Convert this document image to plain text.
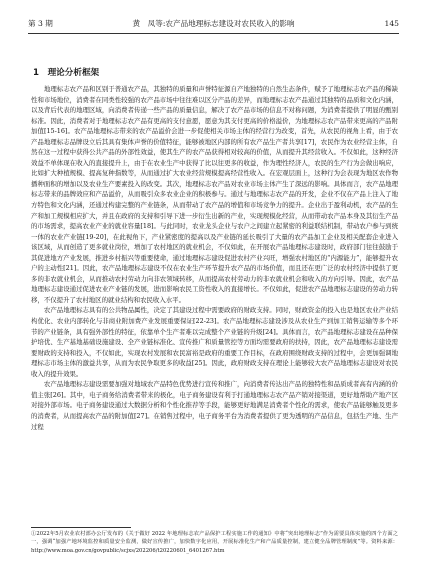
第 3 期	黄　凤等:农产品地理标志建设对农民收入的影响	145
1　理论分析框架

地理标志农产品和区别于普通农产品，其独特的质量和声誉特征源自产地独特的自然生态条件，赋予了地理标志农产品的稀缺性和市场地位，消费者在同类性较强的农产品市场中往往难以区分产品的差异，而地理标志农产品通过其独特的品质和文化内涵，以及背后代表的地理区域，向消费者传递一些产品的质量信息，解决了农产品市场的信息不对称问题，为消费者提供了明显的甄别标准。因此，消费者对于地理标志农产品有更高的支付意愿，愿意为其支付更高的价格溢价，为地理标志农产品带来更高的产品附加值[15-16]。农产品地理标志带来的农产品溢价会进一步促使相关市场主体的经营行为改变，首先，从农民的视角上看，由于农产品地理标志品牌设立后其具有集体声誉的价值特征，能够被地区内部的所有农产品生产者共享[17]，农民作为农业经营主体，自然在这一过程中获得公共产品的外部性效益，使其生产的农产品获得相对较高的价值，从而提升其经营收入。不仅如此，这种经济效益不单体现在收入的直接提升上，由于在农业生产中获得了比以往更多的收益，作为理性经济人，农民的生产行为会做出响应，比如扩大种植规模、提高复种指数等，从而通过扩大农业经营规模提高经营性收入。在宏观层面上，这种行为会表现为地区农作物播种面积的增加以及农业生产要素投入的改变。其次，地理标志农产品对农业市场主体产生了深远的影响。具体而言，农产品地理标志带来的品牌效应和产品溢价，从而吸引众多农业企业的积极参与。通过与地理标志农产品的开发，企业不仅在产品上注入了地方特色和文化内涵，还通过构建完整的产业链条，从而带动了农产品的增值和市场竞争力的提升。企业出于盈利动机，农产品的生产和加工规模相应扩大，并且在政府的支持和引导下进一步衍生出新的产业，实现规模化经营，从而带动农产品本身及其衍生产品的市场需求，提高农业产业的就业容量[18]。与此同时，农业龙头企业与农户之间建立起紧密的利益联结机制，带动农户参与到统一体的农业产业链[19-20]，在此视角下，产业紧密度的提高以及产业链的延长吸引了大量的农产品加工企业及相关配套企业进入该区域，从而创造了更多就业岗位，增加了农村地区的就业机会，不仅如此，在开展农产品地理标志建设时，政府部门往往鼓励于其促进地方产业发展，推进乡村振兴等重要使命，通过地理标志建设促进农村产业兴旺，增强农村地区的“内源能力”，能够提升农户的主动性[21]。因此，农产品地理标志建设不仅在农业生产环节提升农产品的市场价值，而且还在更广泛的农村经济中提供了更多的非农就业机会，从而推动农村劳动力向非农领域转移，从而提高农村劳动力的非农就业机会和收入的方向引导。因此，农产品地理标志建设通过促进农业产业链的发展，进而影响农民工资性收入的直接增长。不仅如此，促进农产品地理标志建设的劳动力转移，不仅提升了农村地区的就业结构和农民收入水平。

农产品地理标志具有的公共物品属性，决定了其建设过程中需要政府的财政支持。同时，财政资金的投入也是地区农业产业结构优化、农业内部转化与非商业附加费产业发展重要保证[22-23]。农产品地理标志建设涉及从农业生产到加工销售运输等多个环节的产业链条，具有强外部性的特征，依靠单个生产者难以完成整个产业链的升级[24]。具体而言，农产品地理标志建设在品种保护培优、生产基地基础设施建设、全产业链标准化、宣传推广和质量管控等方面均需要政府的扶持，因此，农产品地理标志建设需要财政的支持和投入，不仅如此，实现农村发展和农民富裕是政府的重要工作目标，在政府围绕财政支持的过程中，会更加强调地理标志市场主体的激益共享，从而为农民争取更多的收益[25]。因此，政府财政支持在理论上能够较大农产品地理标志建设对农民收入的提升效果。

农产品地理标志建设需要加强对地域农产品特色优势进行宣传和推广，向消费者传达出产品的独特性和品质成者高有内涵的价值主张[26]。其中，电子商务给消费者带来的极化，电子商务建设有利于打通地理标志农产品产销对接渠道，更好地帮助产地产区对接外部市场。电子商务建设通过大数据分析和个性化推荐等手段，能够更好地满足消费者个性化的需求，使农产品能够触及更多的消费者，从而提高农产品的附加值[27]。在销售过程中，电子商务平台为消费者提供了更为透明的产品信息，包括生产地、生产过程

①2022年5月农业农村部办公厅发布的《关于做好 2022 年地理标志农产品保护工程实施工作的通知》中将“突出地理标志”作为需要具体实施的四个方面之一，强调“加强产地环境监控和质量安全监测，做好宣传推广，加快数字化应用，开展标准化生产和产品质量控制，建立健全品牌管理制度”等。资料来源：http://www.moa.gov.cn/govpublic/scjxs/202206/t20220601_6401267.htm
